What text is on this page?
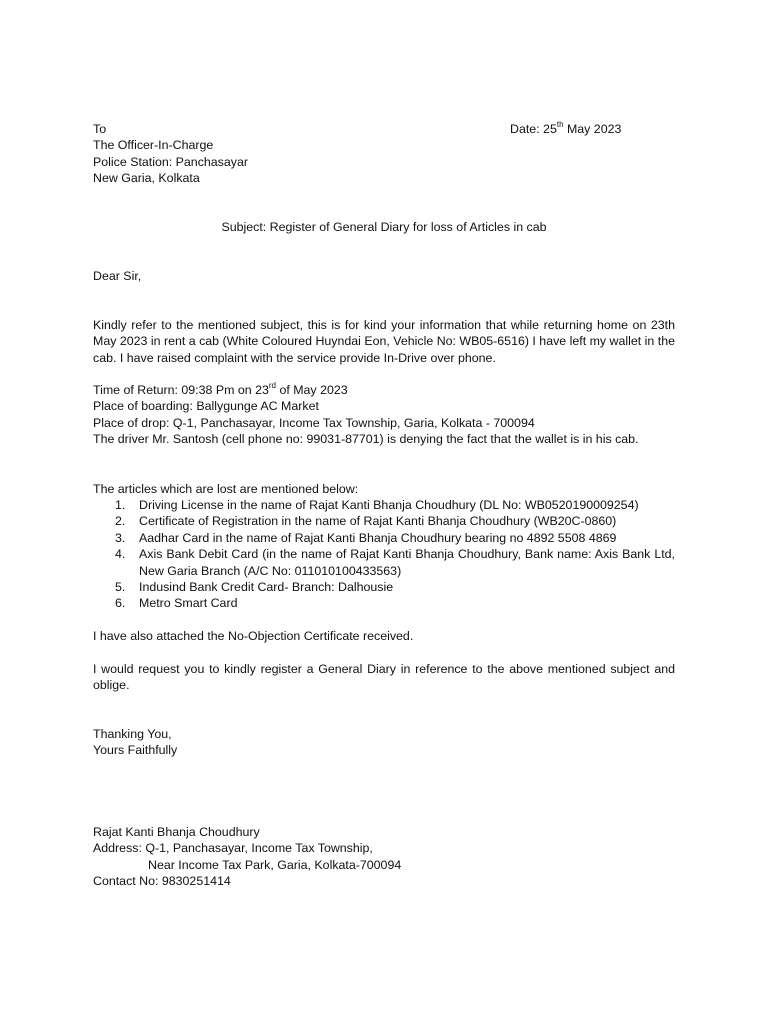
To
The Officer-In-Charge
Police Station: Panchasayar
New Garia, Kolkata
Date: 25th May 2023
Subject: Register of General Diary for loss of Articles in cab
Dear Sir,
Kindly refer to the mentioned subject, this is for kind your information that while returning home on 23th May 2023 in rent a cab (White Coloured Huyndai Eon, Vehicle No: WB05-6516) I have left my wallet in the cab. I have raised complaint with the service provide In-Drive over phone.
Time of Return: 09:38 Pm on 23rd of May 2023
Place of boarding: Ballygunge AC Market
Place of drop: Q-1, Panchasayar, Income Tax Township, Garia, Kolkata - 700094
The driver Mr. Santosh (cell phone no: 99031-87701) is denying the fact that the wallet is in his cab.
The articles which are lost are mentioned below:
1. Driving License in the name of Rajat Kanti Bhanja Choudhury (DL No: WB0520190009254)
2. Certificate of Registration in the name of Rajat Kanti Bhanja Choudhury (WB20C-0860)
3. Aadhar Card in the name of Rajat Kanti Bhanja Choudhury bearing no 4892 5508 4869
4. Axis Bank Debit Card (in the name of Rajat Kanti Bhanja Choudhury, Bank name: Axis Bank Ltd, New Garia Branch (A/C No: 011010100433563)
5. Indusind Bank Credit Card- Branch: Dalhousie
6. Metro Smart Card
I have also attached the No-Objection Certificate received.
I would request you to kindly register a General Diary in reference to the above mentioned subject and oblige.
Thanking You,
Yours Faithfully
Rajat Kanti Bhanja Choudhury
Address: Q-1, Panchasayar, Income Tax Township,
Near Income Tax Park, Garia, Kolkata-700094
Contact No: 9830251414
